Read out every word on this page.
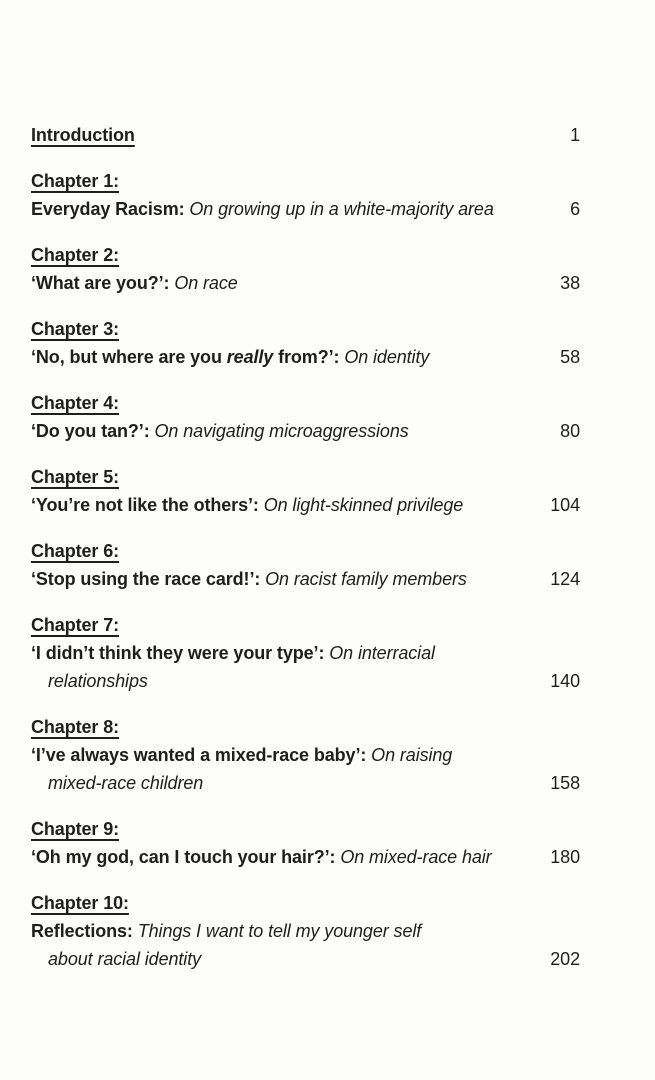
Introduction	1
Chapter 1:

Everyday Racism: On growing up in a white-majority area	6
Chapter 2:

‘What are you?’: On race	38
Chapter 3:

‘No, but where are you really from?’: On identity	58
Chapter 4:

‘Do you tan?’: On navigating microaggressions	80
Chapter 5:

‘You’re not like the others’: On light-skinned privilege	104
Chapter 6:

‘Stop using the race card!’: On racist family members	124
Chapter 7:

‘I didn’t think they were your type’: On interracial

relationships	140
Chapter 8:

‘I’ve always wanted a mixed-race baby’: On raising

mixed-race children	158
Chapter 9:

‘Oh my god, can I touch your hair?’: On mixed-race hair	180
Chapter 10:

Reflections: Things I want to tell my younger self

about racial identity	202
